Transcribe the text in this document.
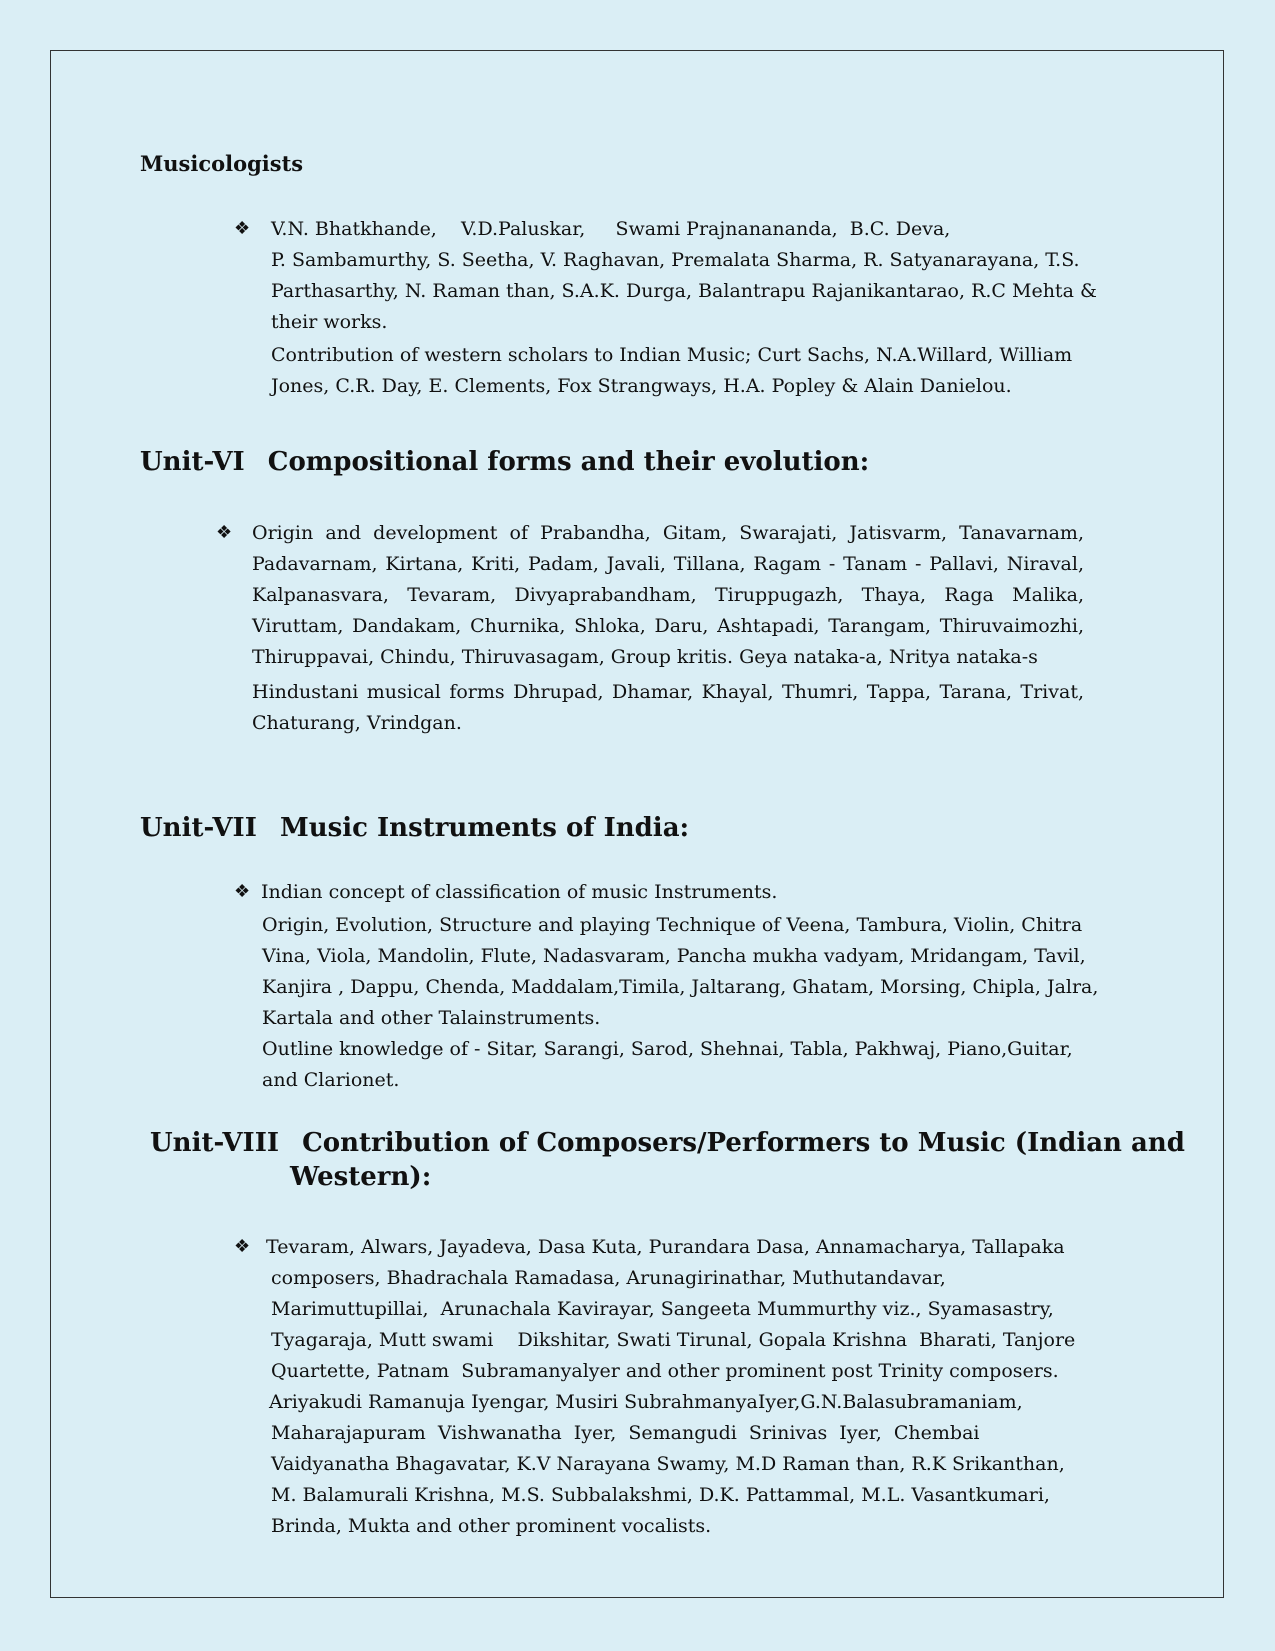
Musicologists
❖ V.N. Bhatkhande,    V.D.Paluskar,     Swami Prajnanananda,  B.C. Deva,
P. Sambamurthy, S. Seetha, V. Raghavan, Premalata Sharma, R. Satyanarayana, T.S.
Parthasarthy, N. Raman than, S.A.K. Durga, Balantrapu Rajanikantarao, R.C Mehta &
their works.
Contribution of western scholars to Indian Music; Curt Sachs, N.A.Willard, William
Jones, C.R. Day, E. Clements, Fox Strangways, H.A. Popley & Alain Danielou.
Unit-VI Compositional forms and their evolution:
❖ Origin and development of Prabandha, Gitam, Swarajati, Jatisvarm, Tanavarnam, Padavarnam, Kirtana, Kriti, Padam, Javali, Tillana, Ragam - Tanam - Pallavi, Niraval, Kalpanasvara, Tevaram, Divyaprabandham, Tiruppugazh, Thaya, Raga Malika, Viruttam, Dandakam, Churnika, Shloka, Daru, Ashtapadi, Tarangam, Thiruvaimozhi, Thiruppavai, Chindu, Thiruvasagam, Group kritis. Geya nataka-a, Nritya nataka-s

Hindustani musical forms Dhrupad, Dhamar, Khayal, Thumri, Tappa, Tarana, Trivat, Chaturang, Vrindgan.

Unit-VII Music Instruments of India:
❖ Indian concept of classification of music Instruments.
Origin, Evolution, Structure and playing Technique of Veena, Tambura, Violin, Chitra
Vina, Viola, Mandolin, Flute, Nadasvaram, Pancha mukha vadyam, Mridangam, Tavil,
Kanjira , Dappu, Chenda, Maddalam,Timila, Jaltarang, Ghatam, Morsing, Chipla, Jalra,
Kartala and other Talainstruments.
Outline knowledge of - Sitar, Sarangi, Sarod, Shehnai, Tabla, Pakhwaj, Piano,Guitar,
and Clarionet.
Unit-VIII Contribution of Composers/Performers to Music (Indian and
Western):
❖ Tevaram, Alwars, Jayadeva, Dasa Kuta, Purandara Dasa, Annamacharya, Tallapaka
composers, Bhadrachala Ramadasa, Arunagirinathar, Muthutandavar,
Marimuttupillai,  Arunachala Kavirayar, Sangeeta Mummurthy viz., Syamasastry,
Tyagaraja, Mutt swami    Dikshitar, Swati Tirunal, Gopala Krishna  Bharati, Tanjore
Quartette, Patnam  Subramanyalyer and other prominent post Trinity composers.
Ariyakudi Ramanuja Iyengar, Musiri SubrahmanyaIyer,G.N.Balasubramaniam,
Maharajapuram  Vishwanatha  Iyer,  Semangudi  Srinivas  Iyer,  Chembai
Vaidyanatha Bhagavatar, K.V Narayana Swamy, M.D Raman than, R.K Srikanthan,
M. Balamurali Krishna, M.S. Subbalakshmi, D.K. Pattammal, M.L. Vasantkumari,
Brinda, Mukta and other prominent vocalists.
